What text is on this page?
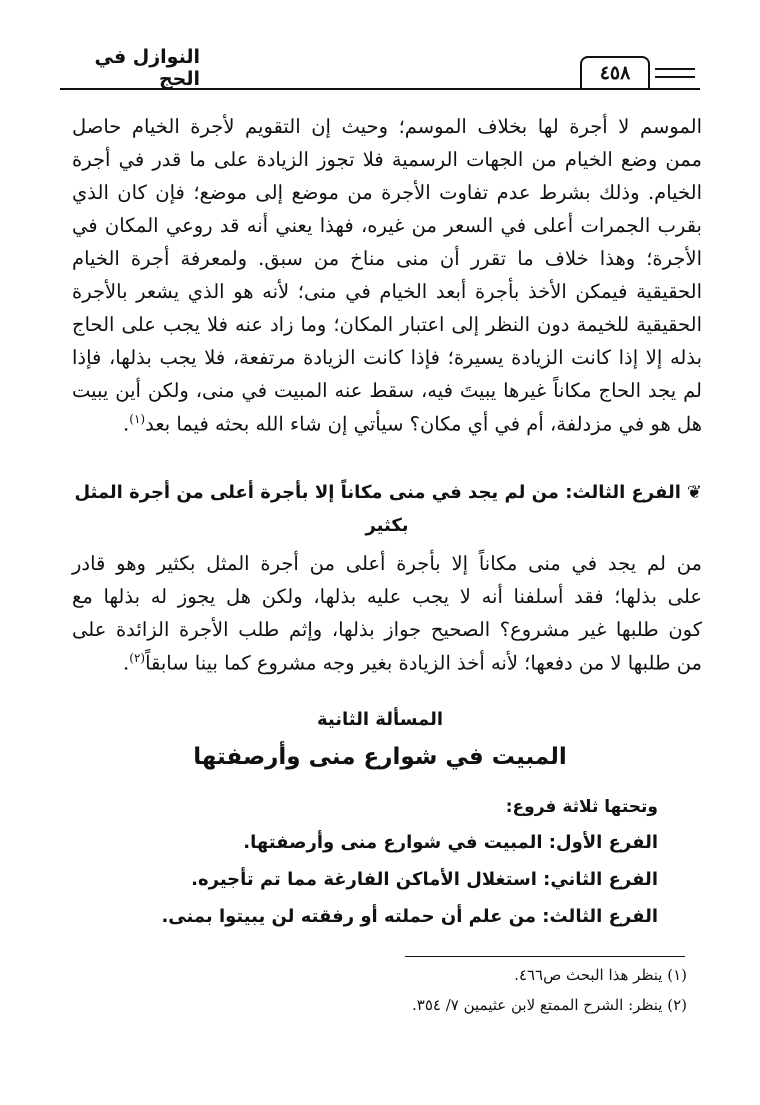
النوازل في الحج	٤٥٨
الموسم لا أجرة لها بخلاف الموسم؛ وحيث إن التقويم لأجرة الخيام حاصل
ممن وضع الخيام من الجهات الرسمية فلا تجوز الزيادة على ما قدر في أجرة
الخيام. وذلك بشرط عدم تفاوت الأجرة من موضع إلى موضع؛ فإن كان الذي
بقرب الجمرات أعلى في السعر من غيره، فهذا يعني أنه قد روعي المكان في
الأجرة؛ وهذا خلاف ما تقرر أن منى مناخ من سبق. ولمعرفة أجرة الخيام
الحقيقية فيمكن الأخذ بأجرة أبعد الخيام في منى؛ لأنه هو الذي يشعر بالأجرة
الحقيقية للخيمة دون النظر إلى اعتبار المكان؛ وما زاد عنه فلا يجب على الحاج
بذله إلا إذا كانت الزيادة يسيرة؛ فإذا كانت الزيادة مرتفعة، فلا يجب بذلها، فإذا
لم يجد الحاج مكاناً غيرها يبيتَ فيه، سقط عنه المبيت في منى، ولكن أين يبيت
هل هو في مزدلفة، أم في أي مكان؟ سيأتي إن شاء الله بحثه فيما بعد$^{(١)}$.
❦الفرع الثالث: من لم يجد في منى مكاناً إلا بأجرة أعلى من أجرة المثل
بكثير
من لم يجد في منى مكاناً إلا بأجرة أعلى من أجرة المثل بكثير وهو قادر
على بذلها؛ فقد أسلفنا أنه لا يجب عليه بذلها، ولكن هل يجوز له بذلها مع
كون طلبها غير مشروع؟ الصحيح جواز بذلها، وإثم طلب الأجرة الزائدة على
من طلبها لا من دفعها؛ لأنه أخذ الزيادة بغير وجه مشروع كما بينا سابقاً$^{(٢)}$.
المسألة الثانية
المبيت في شوارع منى وأرصفتها
وتحتها ثلاثة فروع:
الفرع الأول: المبيت في شوارع منى وأرصفتها.
الفرع الثاني: استغلال الأماكن الفارغة مما تم تأجيره.
الفرع الثالث: من علم أن حملته أو رفقته لن يبيتوا بمنى.
(١) ينظر هذا البحث ص٤٦٦.
(٢) ينظر: الشرح الممتع لابن عثيمين ٧/ ٣٥٤.
